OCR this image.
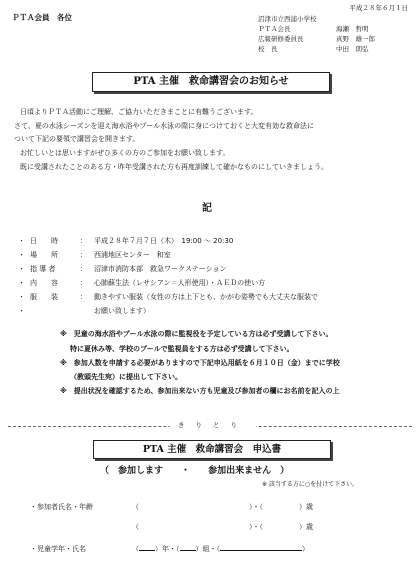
ＰＴＡ会員　各位
平成２８年６月１日
沼津市立西浦小学校
ＰＴＡ会長	海瀬　哲明
広報研修委員長	真野　雄一郎
校　長	中田　朗弘
PTA 主催　救命講習会のお知らせ
日頃よりＰＴＡ活動にご理解、ご協力いただきまことに有難うございます。
さて、夏の水泳シーズンを迎え海水浴やプール水泳の際に身につけておくと大変有効な救命法に
ついて下記の要領で講習会を開きます。
お忙しいとは思いますがぜひ多くの方のご参加をお願い致します。
既に受講されたことのある方・昨年受講された方も再度訓練して確かなものにしていきましょう。
記
・ 日　　時	：	平成２８年７月７日（木）　19:00 〜 20:30
・ 場　　所	：	西浦地区センター　和室
・ 指 導 者	：	沼津市消防本部　救急ワークステーション
・ 内　　容	：	心肺蘇生法（レサシアン＝人形使用）・ＡＥＤの使い方
・ 服　　装	：	動きやすい服装（女性の方は上下とも、かがむ姿勢でも大丈夫な服装で
・	お願い致します）
※　児童の海水浴やプール水泳の際に監視役を予定している方は必ず受講して下さい。
特に夏休み等、学校のプールで監視員をする方は必ず受講して下さい。
※　参加人数を申請する必要がありますので下記申込用紙を６月１０日（金）までに学校
（教頭先生宛）に提出して下さい。
※　提出状況を確認するため、参加出来ない方も児童及び参加者の欄にお名前を記入の上
きりとり
PTA 主催　救命講習会　申込書
（　参加します　　 ・　　 参加出来ません　）
※ 該当する方に○を付けて下さい。
・参加者氏名・年齢	（	）・（	）歳
（	）・（	）歳
・児童学年・氏名	（ ）年・（ ）組・（	）
